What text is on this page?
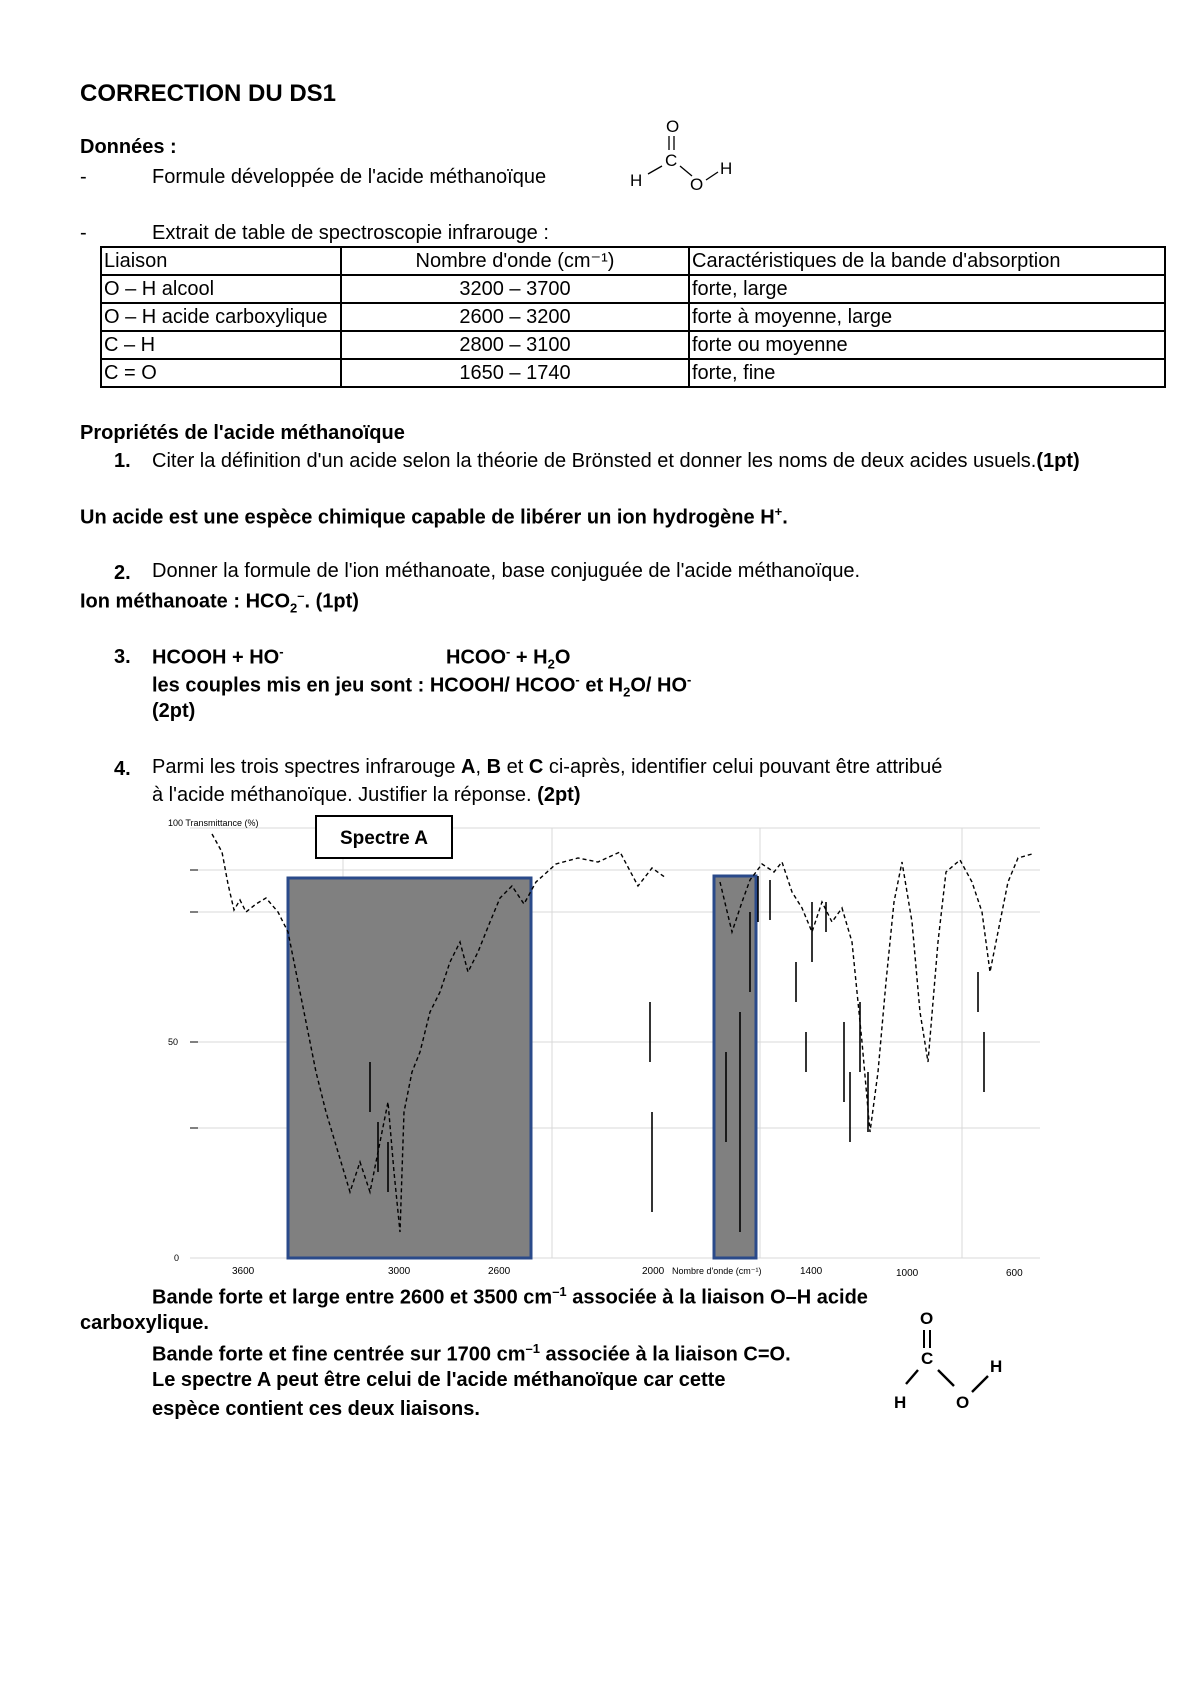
CORRECTION DU DS1
Données :
-	Formule développée de l'acide méthanoïque
O
C
H	O
H
-	Extrait de table de spectroscopie infrarouge :
Liaison	Nombre d'onde (cm⁻¹)	Caractéristiques de la bande d'absorption
O – H alcool	3200 – 3700	forte, large
O – H acide carboxylique	2600 – 3200	forte à moyenne, large
C – H	2800 – 3100	forte ou moyenne
C = O	1650 – 1740	forte, fine
Propriétés de l'acide méthanoïque
1. Citer la définition d'un acide selon la théorie de Brönsted et donner les noms de deux acides usuels.(1pt)
Un acide est une espèce chimique capable de libérer un ion hydrogène H+.
2. Donner la formule de l'ion méthanoate, base conjuguée de l'acide méthanoïque.
Ion méthanoate : $HCO_2^-$. (1pt)
3. HCOOH + HO-	HCOO- + $H_2O$
les couples mis en jeu sont : HCOOH/ HCOO- et $H_2O/$ HO-
(2pt)
4. Parmi les trois spectres infrarouge A, B et C ci-après, identifier celui pouvant être attribué
à l'acide méthanoïque. Justifier la réponse. (2pt)
100 Transmittance (%)
50
0
3600	3000	2600	2000 Nombre d'onde (cm⁻¹)	1400	1000	600
Spectre A
Bande forte et large entre 2600 et 3500 $cm^{-1}$ associée à la liaison O–H acide
carboxylique.
Bande forte et fine centrée sur 1700 $cm^{-1}$ associée à la liaison C=O.
Le spectre A peut être celui de l'acide méthanoïque car cette
espèce contient ces deux liaisons.
O
C
H	O
H
